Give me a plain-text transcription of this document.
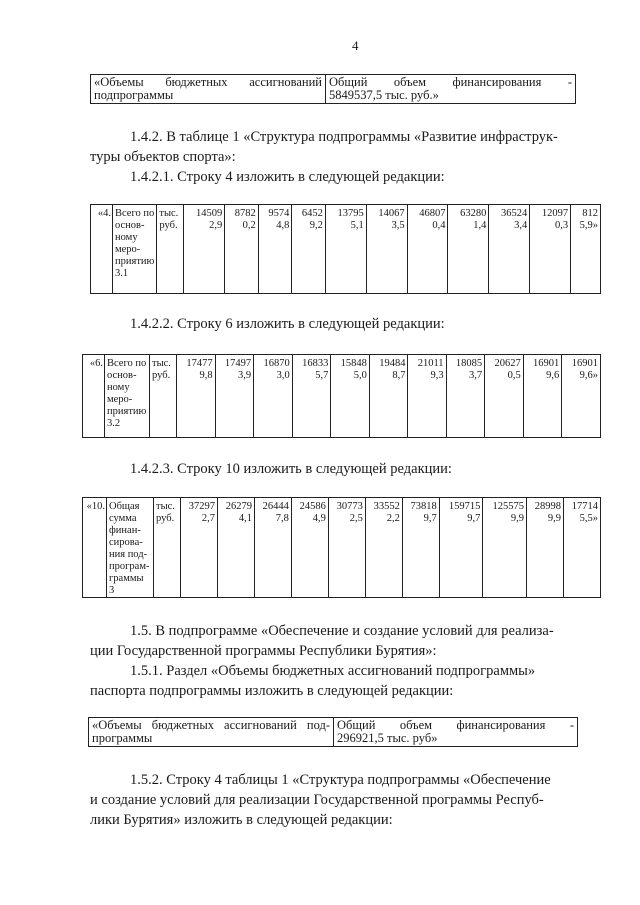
4
«Объемы бюджетных ассигнований подпрограммы

Общий объем финансирования -
5849537,5 тыс. руб.»
1.4.2. В таблице 1 «Структура подпрограммы «Развитие инфраструк-
туры объектов спорта»:
1.4.2.1. Строку 4 изложить в следующей редакции:
«4.	Всего по
основ-
ному
меро-
приятию
3.1

тыс.
руб.

14509
2,9

8782
0,2

9574
4,8

6452
9,2

13795
5,1

14067
3,5

46807
0,4

63280
1,4

36524
3,4

12097
0,3

812
5,9»
1.4.2.2. Строку 6 изложить в следующей редакции:
«6.	Всего по
основ-
ному
меро-
приятию
3.2

тыс.
руб.

17477
9,8

17497
3,9

16870
3,0

16833
5,7

15848
5,0

19484
8,7

21011
9,3

18085
3,7

20627
0,5

16901
9,6

16901
9,6»
1.4.2.3. Строку 10 изложить в следующей редакции:
«10.	Общая
сумма
финан-
сирова-
ния под-
програм-
граммы 3

тыс.
руб.

37297
2,7

26279
4,1

26444
7,8

24586
4,9

30773
2,5

33552
2,2

73818
9,7

159715
9,7

125575
9,9

28998
9,9

17714
5,5»
1.5. В подпрограмме «Обеспечение и создание условий для реализа-
ции Государственной программы Республики Бурятия»:
1.5.1. Раздел «Объемы бюджетных ассигнований подпрограммы»
паспорта подпрограммы изложить в следующей редакции:
«Объемы бюджетных ассигнований под-
программы

Общий объем финансирования -
296921,5 тыс. руб»
1.5.2. Строку 4 таблицы 1 «Структура подпрограммы «Обеспечение
и создание условий для реализации Государственной программы Респуб-
лики Бурятия» изложить в следующей редакции:
